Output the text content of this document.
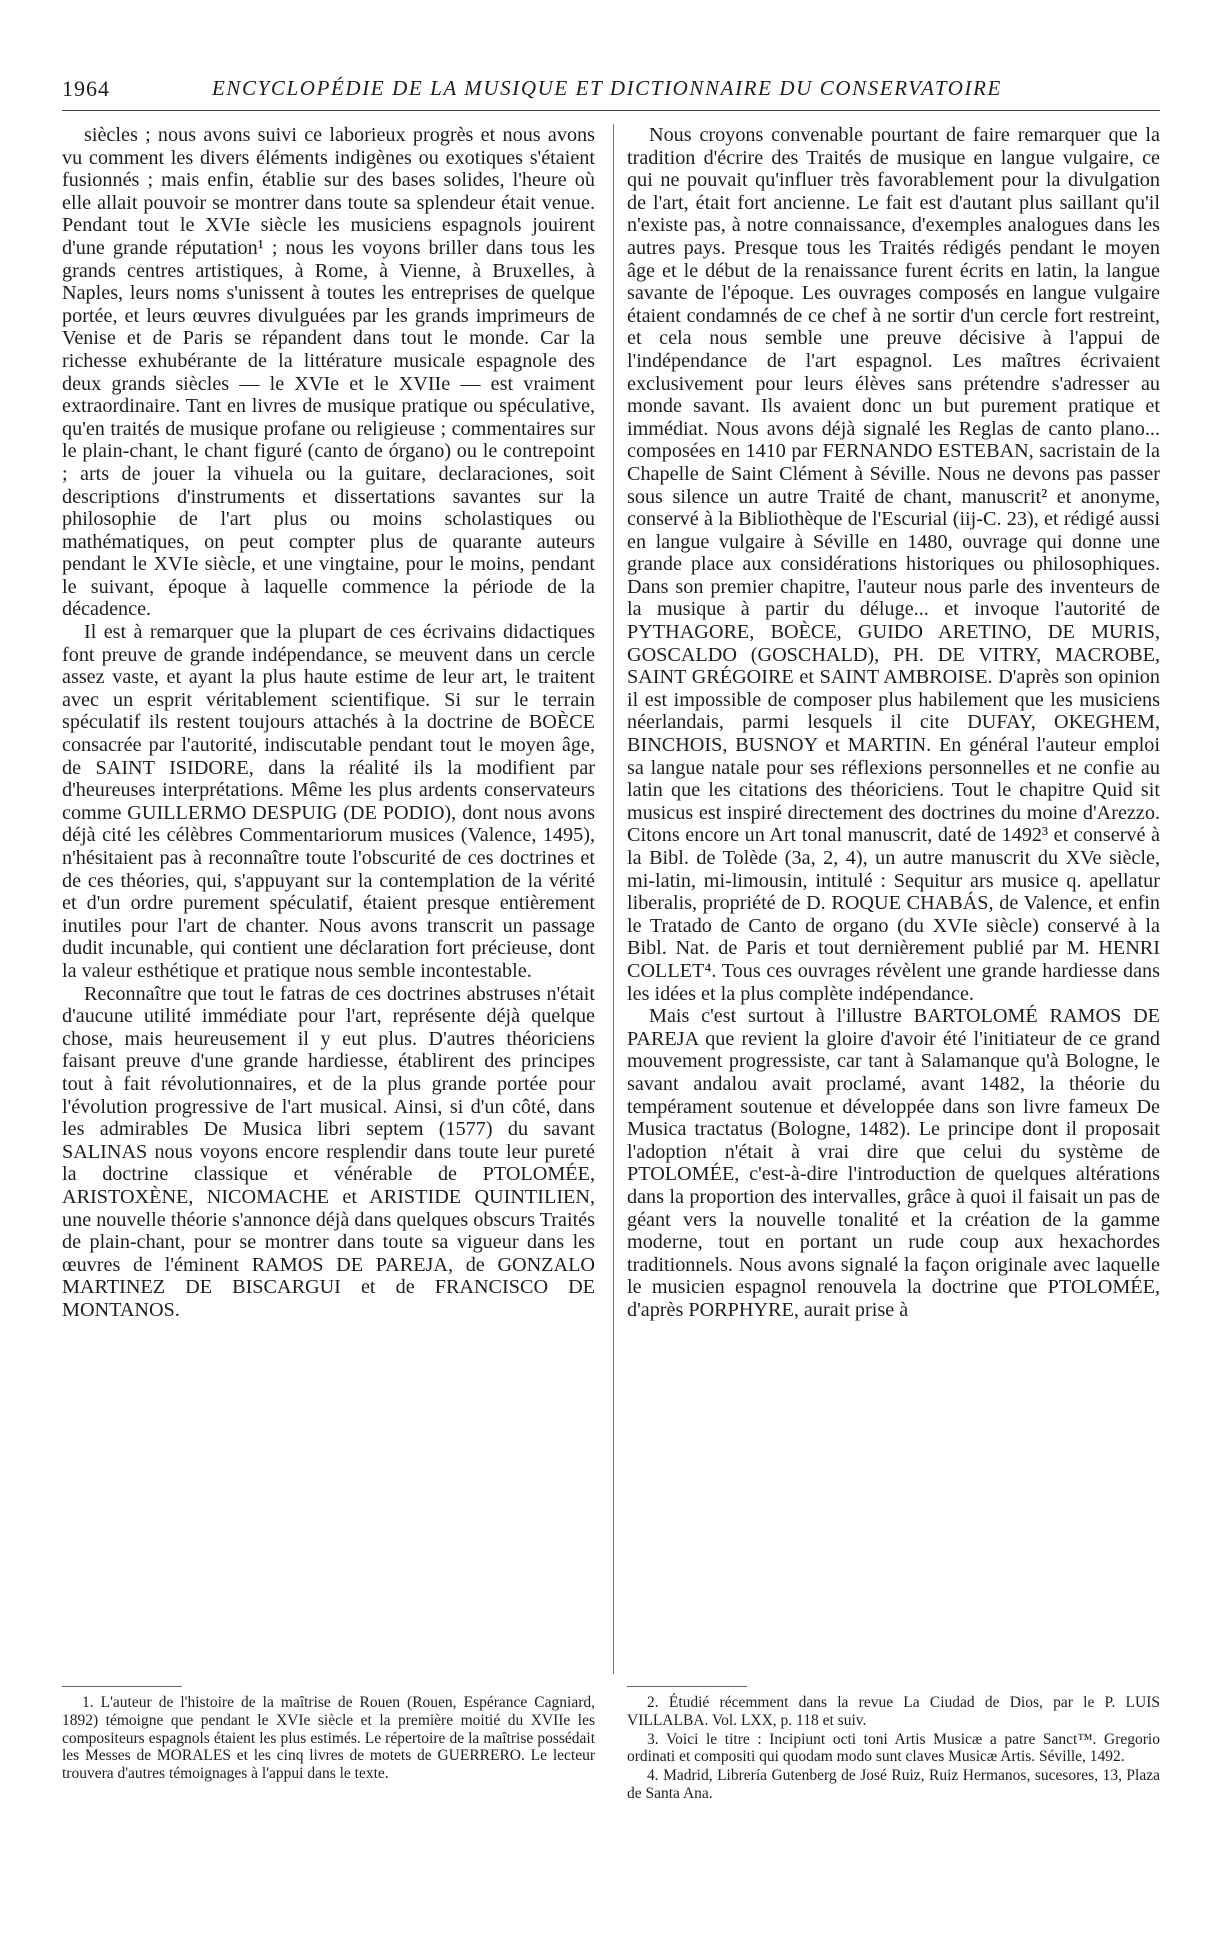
1964	ENCYCLOPÉDIE DE LA MUSIQUE ET DICTIONNAIRE DU CONSERVATOIRE

siècles ; nous avons suivi ce laborieux progrès et nous avons vu comment les divers éléments indigènes ou exotiques s'étaient fusionnés ; mais enfin, établie sur des bases solides, l'heure où elle allait pouvoir se montrer dans toute sa splendeur était venue. Pendant tout le XVIe siècle les musiciens espagnols jouirent d'une grande réputation¹ ; nous les voyons briller dans tous les grands centres artistiques, à Rome, à Vienne, à Bruxelles, à Naples, leurs noms s'unissent à toutes les entreprises de quelque portée, et leurs œuvres divulguées par les grands imprimeurs de Venise et de Paris se répandent dans tout le monde. Car la richesse exhubérante de la littérature musicale espagnole des deux grands siècles — le XVIe et le XVIIe — est vraiment extraordinaire. Tant en livres de musique pratique ou spéculative, qu'en traités de musique profane ou religieuse ; commentaires sur le plain-chant, le chant figuré (canto de órgano) ou le contrepoint ; arts de jouer la vihuela ou la guitare, declaraciones, soit descriptions d'instruments et dissertations savantes sur la philosophie de l'art plus ou moins scholastiques ou mathématiques, on peut compter plus de quarante auteurs pendant le XVIe siècle, et une vingtaine, pour le moins, pendant le suivant, époque à laquelle commence la période de la décadence.

Il est à remarquer que la plupart de ces écrivains didactiques font preuve de grande indépendance, se meuvent dans un cercle assez vaste, et ayant la plus haute estime de leur art, le traitent avec un esprit véritablement scientifique. Si sur le terrain spéculatif ils restent toujours attachés à la doctrine de BOÈCE consacrée par l'autorité, indiscutable pendant tout le moyen âge, de SAINT ISIDORE, dans la réalité ils la modifient par d'heureuses interprétations. Même les plus ardents conservateurs comme GUILLERMO DESPUIG (DE PODIO), dont nous avons déjà cité les célèbres Commentariorum musices (Valence, 1495), n'hésitaient pas à reconnaître toute l'obscurité de ces doctrines et de ces théories, qui, s'appuyant sur la contemplation de la vérité et d'un ordre purement spéculatif, étaient presque entièrement inutiles pour l'art de chanter. Nous avons transcrit un passage dudit incunable, qui contient une déclaration fort précieuse, dont la valeur esthétique et pratique nous semble incontestable.

Reconnaître que tout le fatras de ces doctrines abstruses n'était d'aucune utilité immédiate pour l'art, représente déjà quelque chose, mais heureusement il y eut plus. D'autres théoriciens faisant preuve d'une grande hardiesse, établirent des principes tout à fait révolutionnaires, et de la plus grande portée pour l'évolution progressive de l'art musical. Ainsi, si d'un côté, dans les admirables De Musica libri septem (1577) du savant SALINAS nous voyons encore resplendir dans toute leur pureté la doctrine classique et vénérable de PTOLOMÉE, ARISTOXÈNE, NICOMACHE et ARISTIDE QUINTILIEN, une nouvelle théorie s'annonce déjà dans quelques obscurs Traités de plain-chant, pour se montrer dans toute sa vigueur dans les œuvres de l'éminent RAMOS DE PAREJA, de GONZALO MARTINEZ DE BISCARGUI et de FRANCISCO DE MONTANOS.

Nous croyons convenable pourtant de faire remarquer que la tradition d'écrire des Traités de musique en langue vulgaire, ce qui ne pouvait qu'influer très favorablement pour la divulgation de l'art, était fort ancienne. Le fait est d'autant plus saillant qu'il n'existe pas, à notre connaissance, d'exemples analogues dans les autres pays. Presque tous les Traités rédigés pendant le moyen âge et le début de la renaissance furent écrits en latin, la langue savante de l'époque. Les ouvrages composés en langue vulgaire étaient condamnés de ce chef à ne sortir d'un cercle fort restreint, et cela nous semble une preuve décisive à l'appui de l'indépendance de l'art espagnol. Les maîtres écrivaient exclusivement pour leurs élèves sans prétendre s'adresser au monde savant. Ils avaient donc un but purement pratique et immédiat. Nous avons déjà signalé les Reglas de canto plano... composées en 1410 par FERNANDO ESTEBAN, sacristain de la Chapelle de Saint Clément à Séville. Nous ne devons pas passer sous silence un autre Traité de chant, manuscrit² et anonyme, conservé à la Bibliothèque de l'Escurial (iij-C. 23), et rédigé aussi en langue vulgaire à Séville en 1480, ouvrage qui donne une grande place aux considérations historiques ou philosophiques. Dans son premier chapitre, l'auteur nous parle des inventeurs de la musique à partir du déluge... et invoque l'autorité de PYTHAGORE, BOÈCE, GUIDO ARETINO, DE MURIS, GOSCALDO (GOSCHALD), PH. DE VITRY, MACROBE, SAINT GRÉGOIRE et SAINT AMBROISE. D'après son opinion il est impossible de composer plus habilement que les musiciens néerlandais, parmi lesquels il cite DUFAY, OKEGHEM, BINCHOIS, BUSNOY et MARTIN. En général l'auteur emploi sa langue natale pour ses réflexions personnelles et ne confie au latin que les citations des théoriciens. Tout le chapitre Quid sit musicus est inspiré directement des doctrines du moine d'Arezzo. Citons encore un Art tonal manuscrit, daté de 1492³ et conservé à la Bibl. de Tolède (3a, 2, 4), un autre manuscrit du XVe siècle, mi-latin, mi-limousin, intitulé : Sequitur ars musice q. apellatur liberalis, propriété de D. ROQUE CHABÁS, de Valence, et enfin le Tratado de Canto de organo (du XVIe siècle) conservé à la Bibl. Nat. de Paris et tout dernièrement publié par M. HENRI COLLET⁴. Tous ces ouvrages révèlent une grande hardiesse dans les idées et la plus complète indépendance.

Mais c'est surtout à l'illustre BARTOLOMÉ RAMOS DE PAREJA que revient la gloire d'avoir été l'initiateur de ce grand mouvement progressiste, car tant à Salamanque qu'à Bologne, le savant andalou avait proclamé, avant 1482, la théorie du tempérament soutenue et développée dans son livre fameux De Musica tractatus (Bologne, 1482). Le principe dont il proposait l'adoption n'était à vrai dire que celui du système de PTOLOMÉE, c'est-à-dire l'introduction de quelques altérations dans la proportion des intervalles, grâce à quoi il faisait un pas de géant vers la nouvelle tonalité et la création de la gamme moderne, tout en portant un rude coup aux hexachordes traditionnels. Nous avons signalé la façon originale avec laquelle le musicien espagnol renouvela la doctrine que PTOLOMÉE, d'après PORPHYRE, aurait prise à

1. L'auteur de l'histoire de la maîtrise de Rouen (Rouen, Espérance Cagniard, 1892) témoigne que pendant le XVIe siècle et la première moitié du XVIIe les compositeurs espagnols étaient les plus estimés. Le répertoire de la maîtrise possédait les Messes de MORALES et les cinq livres de motets de GUERRERO. Le lecteur trouvera d'autres témoignages à l'appui dans le texte.

2. Étudié récemment dans la revue La Ciudad de Dios, par le P. LUIS VILLALBA. Vol. LXX, p. 118 et suiv.

3. Voici le titre : Incipiunt octi toni Artis Musicæ a patre Sanct™. Gregorio ordinati et compositi qui quodam modo sunt claves Musicæ Artis. Séville, 1492.

4. Madrid, Librería Gutenberg de José Ruiz, Ruiz Hermanos, sucesores, 13, Plaza de Santa Ana.
